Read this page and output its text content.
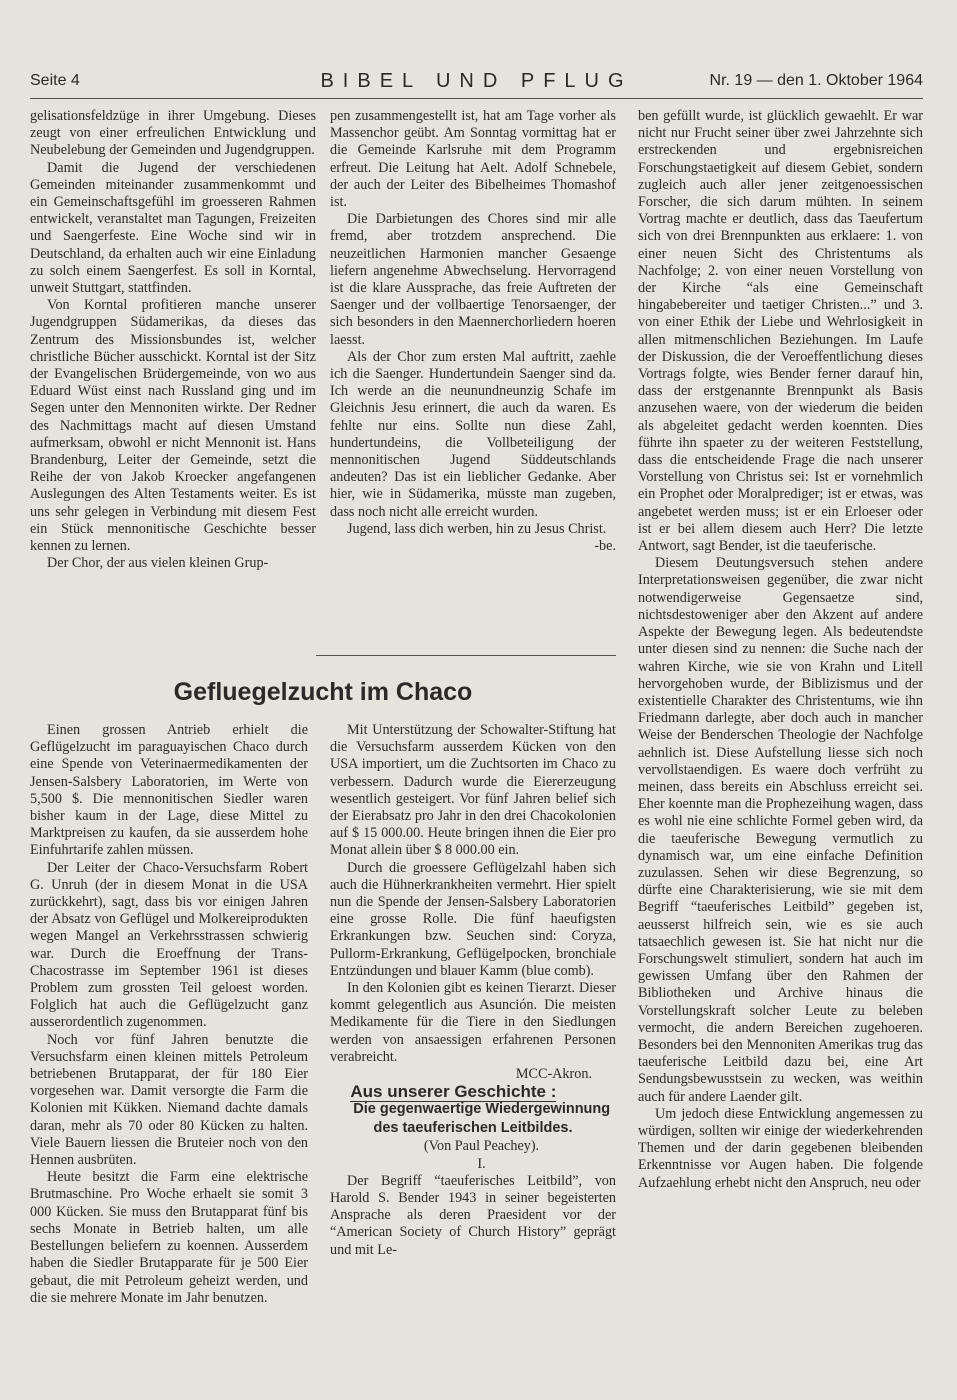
Seite 4	BIBEL UND PFLUG	Nr. 19 — den 1. Oktober 1964

gelisationsfeldzüge in ihrer Umgebung. Dieses zeugt von einer erfreulichen Entwicklung und Neubelebung der Gemeinden und Jugendgruppen.

Damit die Jugend der verschiedenen Gemeinden miteinander zusammenkommt und ein Gemeinschaftsgefühl im groesseren Rahmen entwickelt, veranstaltet man Tagungen, Freizeiten und Saengerfeste. Eine Woche sind wir in Deutschland, da erhalten auch wir eine Einladung zu solch einem Saengerfest. Es soll in Korntal, unweit Stuttgart, stattfinden.

Von Korntal profitieren manche unserer Jugendgruppen Südamerikas, da dieses das Zentrum des Missionsbundes ist, welcher christliche Bücher ausschickt. Korntal ist der Sitz der Evangelischen Brüdergemeinde, von wo aus Eduard Wüst einst nach Russland ging und im Segen unter den Mennoniten wirkte. Der Redner des Nachmittags macht auf diesen Umstand aufmerksam, obwohl er nicht Mennonit ist. Hans Brandenburg, Leiter der Gemeinde, setzt die Reihe der von Jakob Kroecker angefangenen Auslegungen des Alten Testaments weiter. Es ist uns sehr gelegen in Verbindung mit diesem Fest ein Stück mennonitische Geschichte besser kennen zu lernen.

Der Chor, der aus vielen kleinen Grup-

pen zusammengestellt ist, hat am Tage vorher als Massenchor geübt. Am Sonntag vormittag hat er die Gemeinde Karlsruhe mit dem Programm erfreut. Die Leitung hat Aelt. Adolf Schnebele, der auch der Leiter des Bibelheimes Thomashof ist.

Die Darbietungen des Chores sind mir alle fremd, aber trotzdem ansprechend. Die neuzeitlichen Harmonien mancher Gesaenge liefern angenehme Abwechselung. Hervorragend ist die klare Aussprache, das freie Auftreten der Saenger und der vollbaertige Tenorsaenger, der sich besonders in den Maennerchorliedern hoeren laesst.

Als der Chor zum ersten Mal auftritt, zaehle ich die Saenger. Hundertundein Saenger sind da. Ich werde an die neunundneunzig Schafe im Gleichnis Jesu erinnert, die auch da waren. Es fehlte nur eins. Sollte nun diese Zahl, hundertundeins, die Vollbeteiligung der mennonitischen Jugend Süddeutschlands andeuten? Das ist ein lieblicher Gedanke. Aber hier, wie in Südamerika, müsste man zugeben, dass noch nicht alle erreicht wurden.

Jugend, lass dich werben, hin zu Jesus Christ.

-be.

Gefluegelzucht im Chaco

Einen grossen Antrieb erhielt die Geflügelzucht im paraguayischen Chaco durch eine Spende von Veterinaermedikamenten der Jensen-Salsbery Laboratorien, im Werte von 5,500 $. Die mennonitischen Siedler waren bisher kaum in der Lage, diese Mittel zu Marktpreisen zu kaufen, da sie ausserdem hohe Einfuhrtarife zahlen müssen.

Der Leiter der Chaco-Versuchsfarm Robert G. Unruh (der in diesem Monat in die USA zurückkehrt), sagt, dass bis vor einigen Jahren der Absatz von Geflügel und Molkereiprodukten wegen Mangel an Verkehrsstrassen schwierig war. Durch die Eroeffnung der Trans-Chacostrasse im September 1961 ist dieses Problem zum grossten Teil geloest worden. Folglich hat auch die Geflügelzucht ganz ausserordentlich zugenommen.

Noch vor fünf Jahren benutzte die Versuchsfarm einen kleinen mittels Petroleum betriebenen Brutapparat, der für 180 Eier vorgesehen war. Damit versorgte die Farm die Kolonien mit Kükken. Niemand dachte damals daran, mehr als 70 oder 80 Kücken zu halten. Viele Bauern liessen die Bruteier noch von den Hennen ausbrüten.

Heute besitzt die Farm eine elektrische Brutmaschine. Pro Woche erhaelt sie somit 3 000 Kücken. Sie muss den Brutapparat fünf bis sechs Monate in Betrieb halten, um alle Bestellungen beliefern zu koennen. Ausserdem haben die Siedler Brutapparate für je 500 Eier gebaut, die mit Petroleum geheizt werden, und die sie mehrere Monate im Jahr benutzen.

Mit Unterstützung der Schowalter-Stiftung hat die Versuchsfarm ausserdem Kücken von den USA importiert, um die Zuchtsorten im Chaco zu verbessern. Dadurch wurde die Eiererzeugung wesentlich gesteigert. Vor fünf Jahren belief sich der Eierabsatz pro Jahr in den drei Chacokolonien auf $ 15 000.00. Heute bringen ihnen die Eier pro Monat allein über $ 8 000.00 ein.

Durch die groessere Geflügelzahl haben sich auch die Hühnerkrankheiten vermehrt. Hier spielt nun die Spende der Jensen-Salsbery Laboratorien eine grosse Rolle. Die fünf haeufigsten Erkrankungen bzw. Seuchen sind: Coryza, Pullorm-Erkrankung, Geflügelpocken, bronchiale Entzündungen und blauer Kamm (blue comb).

In den Kolonien gibt es keinen Tierarzt. Dieser kommt gelegentlich aus Asunción. Die meisten Medikamente für die Tiere in den Siedlungen werden von ansaessigen erfahrenen Personen verabreicht.

MCC-Akron.

Aus unserer Geschichte :

Die gegenwaertige Wiedergewinnung
des taeuferischen Leitbildes.

(Von Paul Peachey).

I.

Der Begriff “taeuferisches Leitbild”, von Harold S. Bender 1943 in seiner begeisterten Ansprache als deren Praesident vor der “American Society of Church History” geprägt und mit Le-

ben gefüllt wurde, ist glücklich gewaehlt. Er war nicht nur Frucht seiner über zwei Jahrzehnte sich erstreckenden und ergebnisreichen Forschungstaetigkeit auf diesem Gebiet, sondern zugleich auch aller jener zeitgenoessischen Forscher, die sich darum mühten. In seinem Vortrag machte er deutlich, dass das Taeufertum sich von drei Brennpunkten aus erklaere: 1. von einer neuen Sicht des Christentums als Nachfolge; 2. von einer neuen Vorstellung von der Kirche “als eine Gemeinschaft hingabebereiter und taetiger Christen...” und 3. von einer Ethik der Liebe und Wehrlosigkeit in allen mitmenschlichen Beziehungen. Im Laufe der Diskussion, die der Veroeffentlichung dieses Vortrags folgte, wies Bender ferner darauf hin, dass der erstgenannte Brennpunkt als Basis anzusehen waere, von der wiederum die beiden als abgeleitet gedacht werden koennten. Dies führte ihn spaeter zu der weiteren Feststellung, dass die entscheidende Frage die nach unserer Vorstellung von Christus sei: Ist er vornehmlich ein Prophet oder Moralprediger; ist er etwas, was angebetet werden muss; ist er ein Erloeser oder ist er bei allem diesem auch Herr? Die letzte Antwort, sagt Bender, ist die taeuferische.

Diesem Deutungsversuch stehen andere Interpretationsweisen gegenüber, die zwar nicht notwendigerweise Gegensaetze sind, nichtsdestoweniger aber den Akzent auf andere Aspekte der Bewegung legen. Als bedeutendste unter diesen sind zu nennen: die Suche nach der wahren Kirche, wie sie von Krahn und Litell hervorgehoben wurde, der Biblizismus und der existentielle Charakter des Christentums, wie ihn Friedmann darlegte, aber doch auch in mancher Weise der Benderschen Theologie der Nachfolge aehnlich ist. Diese Aufstellung liesse sich noch vervollstaendigen. Es waere doch verfrüht zu meinen, dass bereits ein Abschluss erreicht sei. Eher koennte man die Prophezeihung wagen, dass es wohl nie eine schlichte Formel geben wird, da die taeuferische Bewegung vermutlich zu dynamisch war, um eine einfache Definition zuzulassen. Sehen wir diese Begrenzung, so dürfte eine Charakterisierung, wie sie mit dem Begriff “taeuferisches Leitbild” gegeben ist, aeusserst hilfreich sein, wie es sie auch tatsaechlich gewesen ist. Sie hat nicht nur die Forschungswelt stimuliert, sondern hat auch im gewissen Umfang über den Rahmen der Bibliotheken und Archive hinaus die Vorstellungskraft solcher Leute zu beleben vermocht, die andern Bereichen zugehoeren. Besonders bei den Mennoniten Amerikas trug das taeuferische Leitbild dazu bei, eine Art Sendungsbewusstsein zu wecken, was weithin auch für andere Laender gilt.

Um jedoch diese Entwicklung angemessen zu würdigen, sollten wir einige der wiederkehrenden Themen und der darin gegebenen bleibenden Erkenntnisse vor Augen haben. Die folgende Aufzaehlung erhebt nicht den Anspruch, neu oder
